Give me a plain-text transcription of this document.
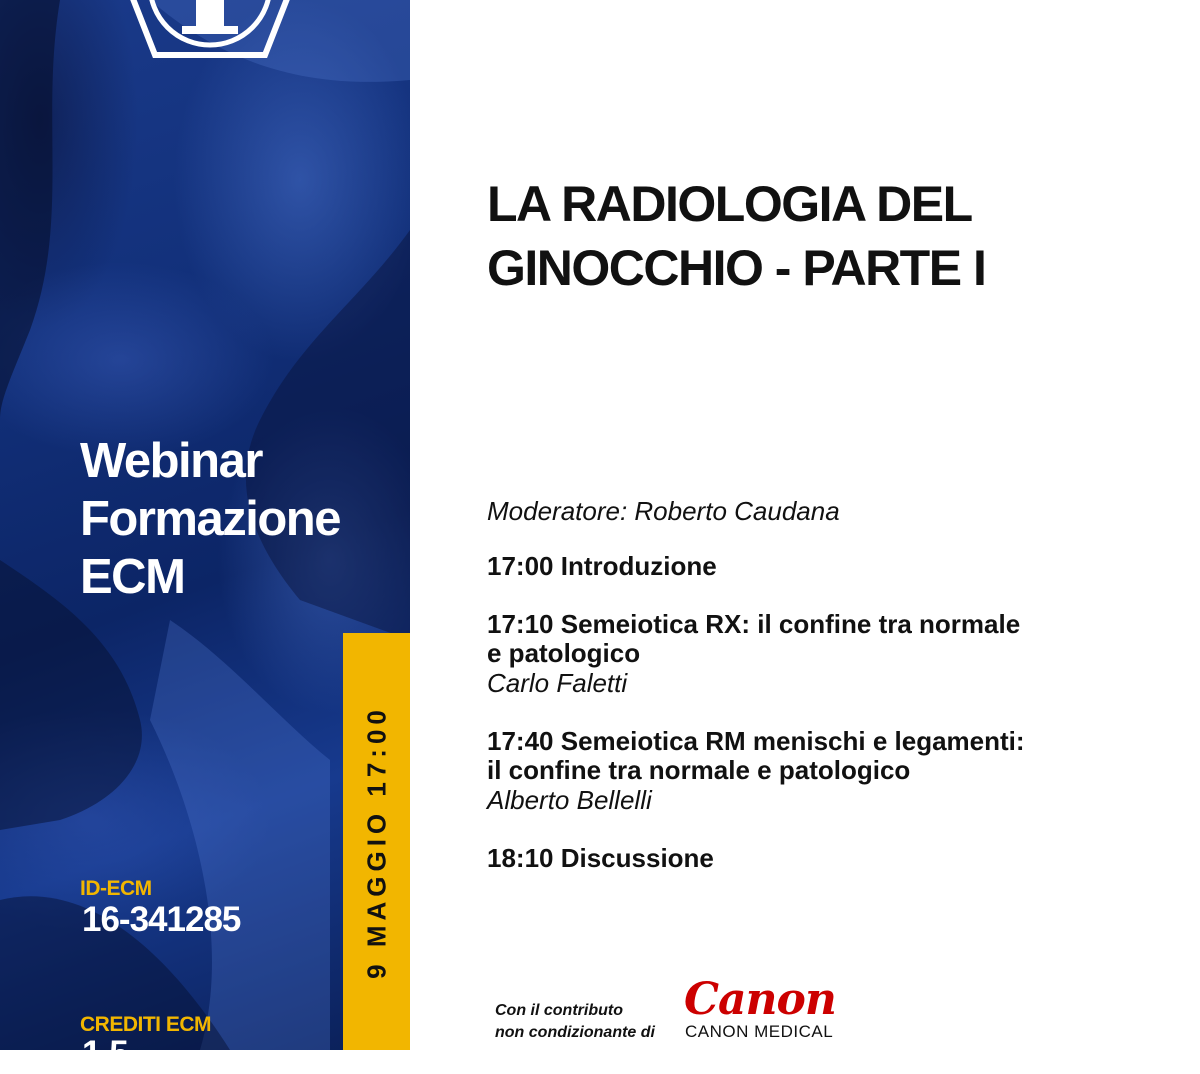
Webinar
Formazione
ECM
ID-ECM
16-341285
CREDITI ECM
1,5
9 MAGGIO 17:00
LA RADIOLOGIA DEL
GINOCCHIO - PARTE I
Moderatore: Roberto Caudana
17:00 Introduzione
17:10 Semeiotica RX: il confine tra normale
e patologico
Carlo Faletti
17:40 Semeiotica RM menischi e legamenti:
il confine tra normale e patologico
Alberto Bellelli
18:10 Discussione
Con il contributo
non condizionante di
Canon
CANON MEDICAL
